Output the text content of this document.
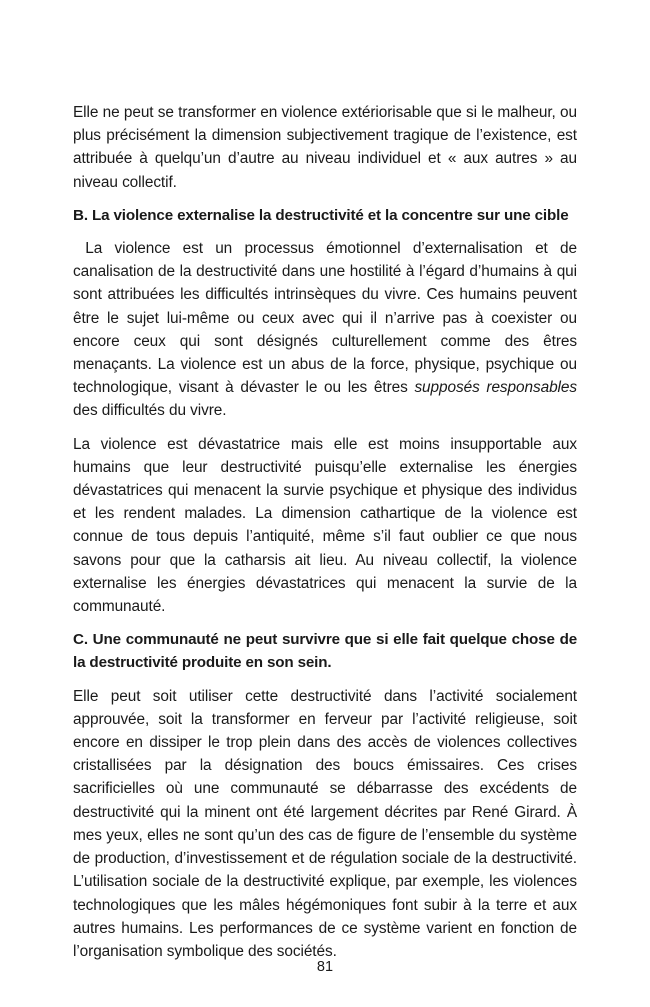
Elle ne peut se transformer en violence extériorisable que si le malheur, ou plus précisément la dimension subjectivement tragique de l’existence, est attribuée à quelqu’un d’autre au niveau individuel et « aux autres » au niveau collectif.

B. La violence externalise la destructivité et la concentre sur une cible

La violence est un processus émotionnel d’externalisation et de canalisation de la destructivité dans une hostilité à l’égard d’humains à qui sont attribuées les difficultés intrinsèques du vivre. Ces humains peuvent être le sujet lui-même ou ceux avec qui il n’arrive pas à coexister ou encore ceux qui sont désignés culturellement comme des êtres menaçants. La violence est un abus de la force, physique, psychique ou technologique, visant à dévaster le ou les êtres supposés responsables des difficultés du vivre.

La violence est dévastatrice mais elle est moins insupportable aux humains que leur destructivité puisqu’elle externalise les énergies dévastatrices qui menacent la survie psychique et physique des individus et les rendent malades. La dimension cathartique de la violence est connue de tous depuis l’antiquité, même s’il faut oublier ce que nous savons pour que la catharsis ait lieu. Au niveau collectif, la violence externalise les énergies dévastatrices qui menacent la survie de la communauté.

C. Une communauté ne peut survivre que si elle fait quelque chose de la destructivité produite en son sein.

Elle peut soit utiliser cette destructivité dans l’activité socialement approuvée, soit la transformer en ferveur par l’activité religieuse, soit encore en dissiper le trop plein dans des accès de violences collectives cristallisées par la désignation des boucs émissaires. Ces crises sacrificielles où une communauté se débarrasse des excédents de destructivité qui la minent ont été largement décrites par René Girard. À mes yeux, elles ne sont qu’un des cas de figure de l’ensemble du système de production, d’investissement et de régulation sociale de la destructivité. L’utilisation sociale de la destructivité explique, par exemple, les violences technologiques que les mâles hégémoniques font subir à la terre et aux autres humains. Les performances de ce système varient en fonction de l’organisation symbolique des sociétés.

81
